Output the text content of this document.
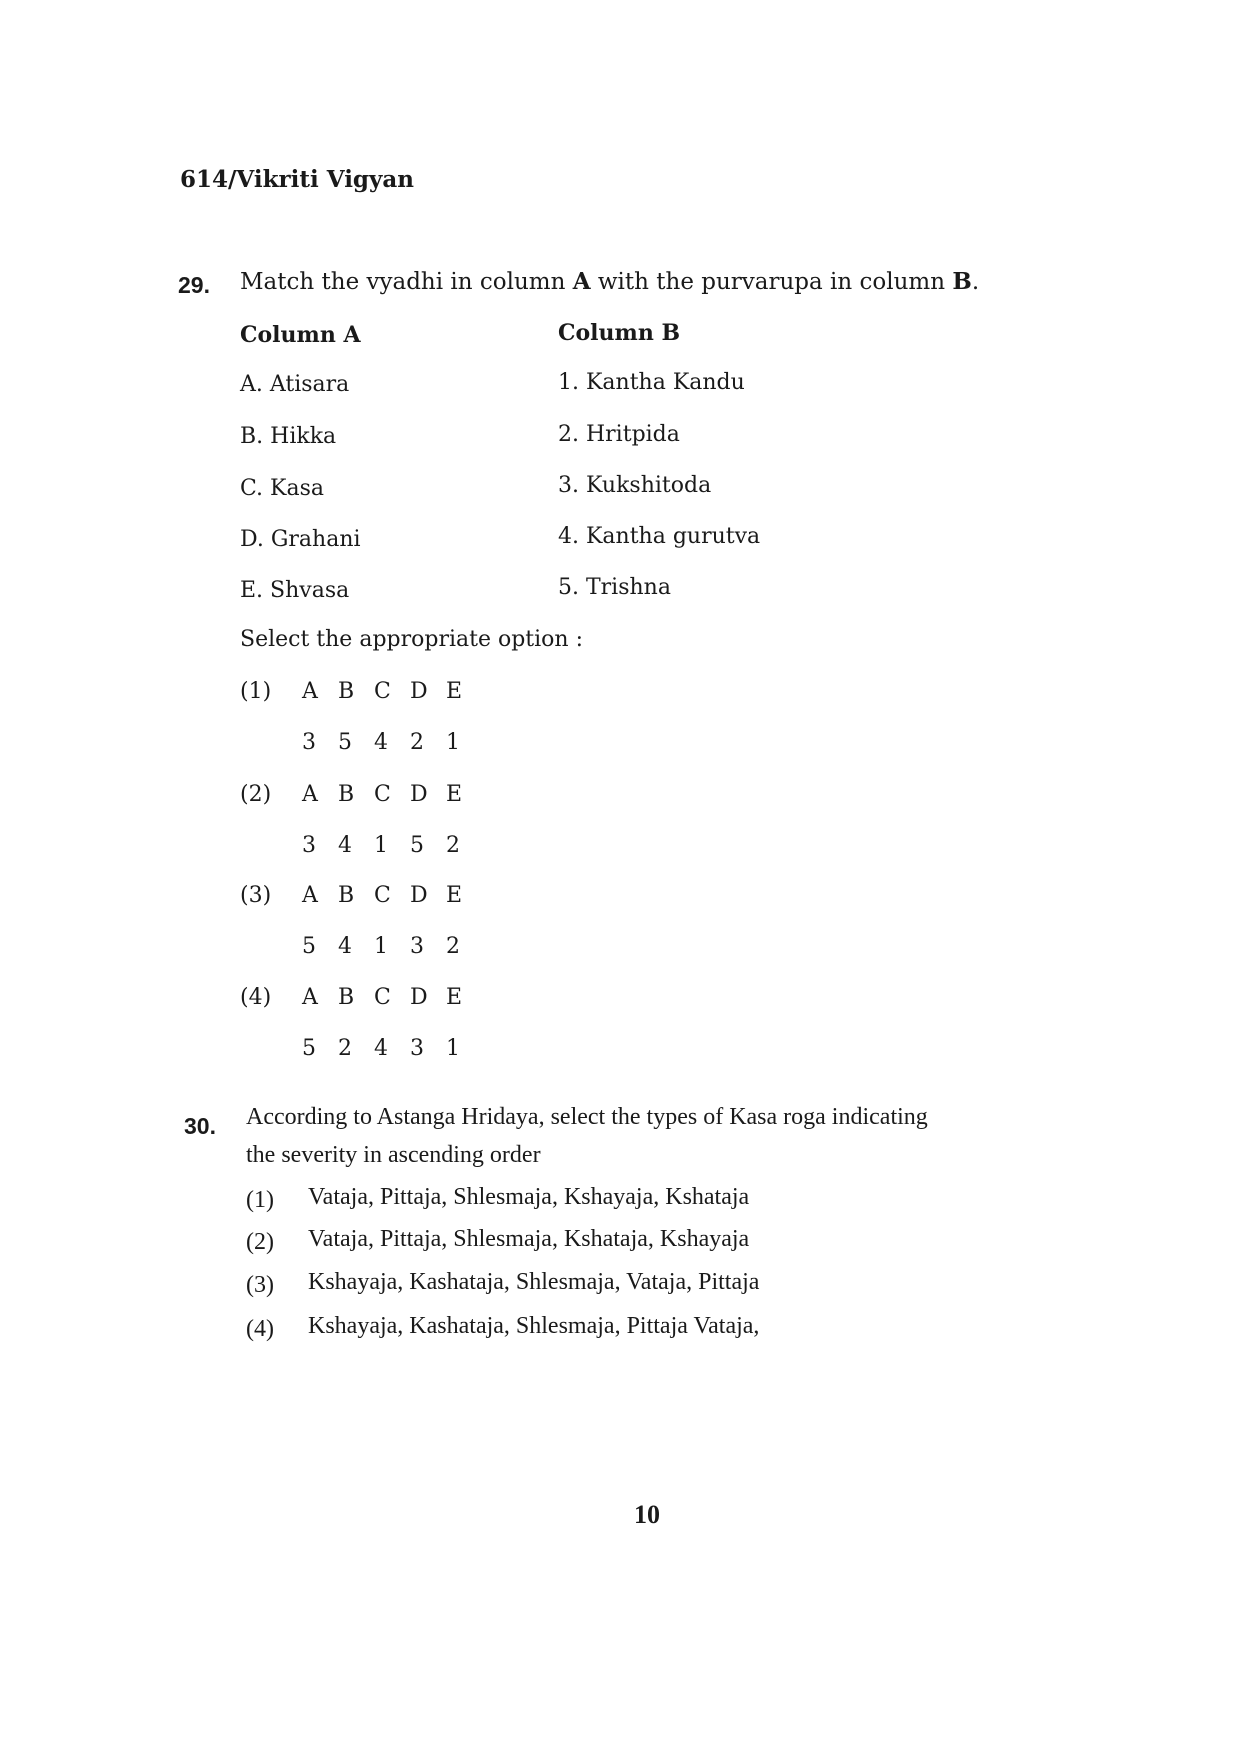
614/Vikriti Vigyan
29. Match the vyadhi in column A with the purvarupa in column B.
Column A	Column B
A. Atisara
B. Hikka
C. Kasa
D. Grahani
E. Shvasa
1. Kantha Kandu
2. Hritpida
3. Kukshitoda
4. Kantha gurutva
5. Trishna
Select the appropriate option :
(1) A B C D E
3 5 4 2 1
(2) A B C D E
3 4 1 5 2
(3) A B C D E
5 4 1 3 2
(4) A B C D E
5 2 4 3 1
30. According to Astanga Hridaya, select the types of Kasa roga indicating
the severity in ascending order
(1) Vataja, Pittaja, Shlesmaja, Kshayaja, Kshataja
(2) Vataja, Pittaja, Shlesmaja, Kshataja, Kshayaja
(3) Kshayaja, Kashataja, Shlesmaja, Vataja, Pittaja
(4) Kshayaja, Kashataja, Shlesmaja, Pittaja Vataja,
10
